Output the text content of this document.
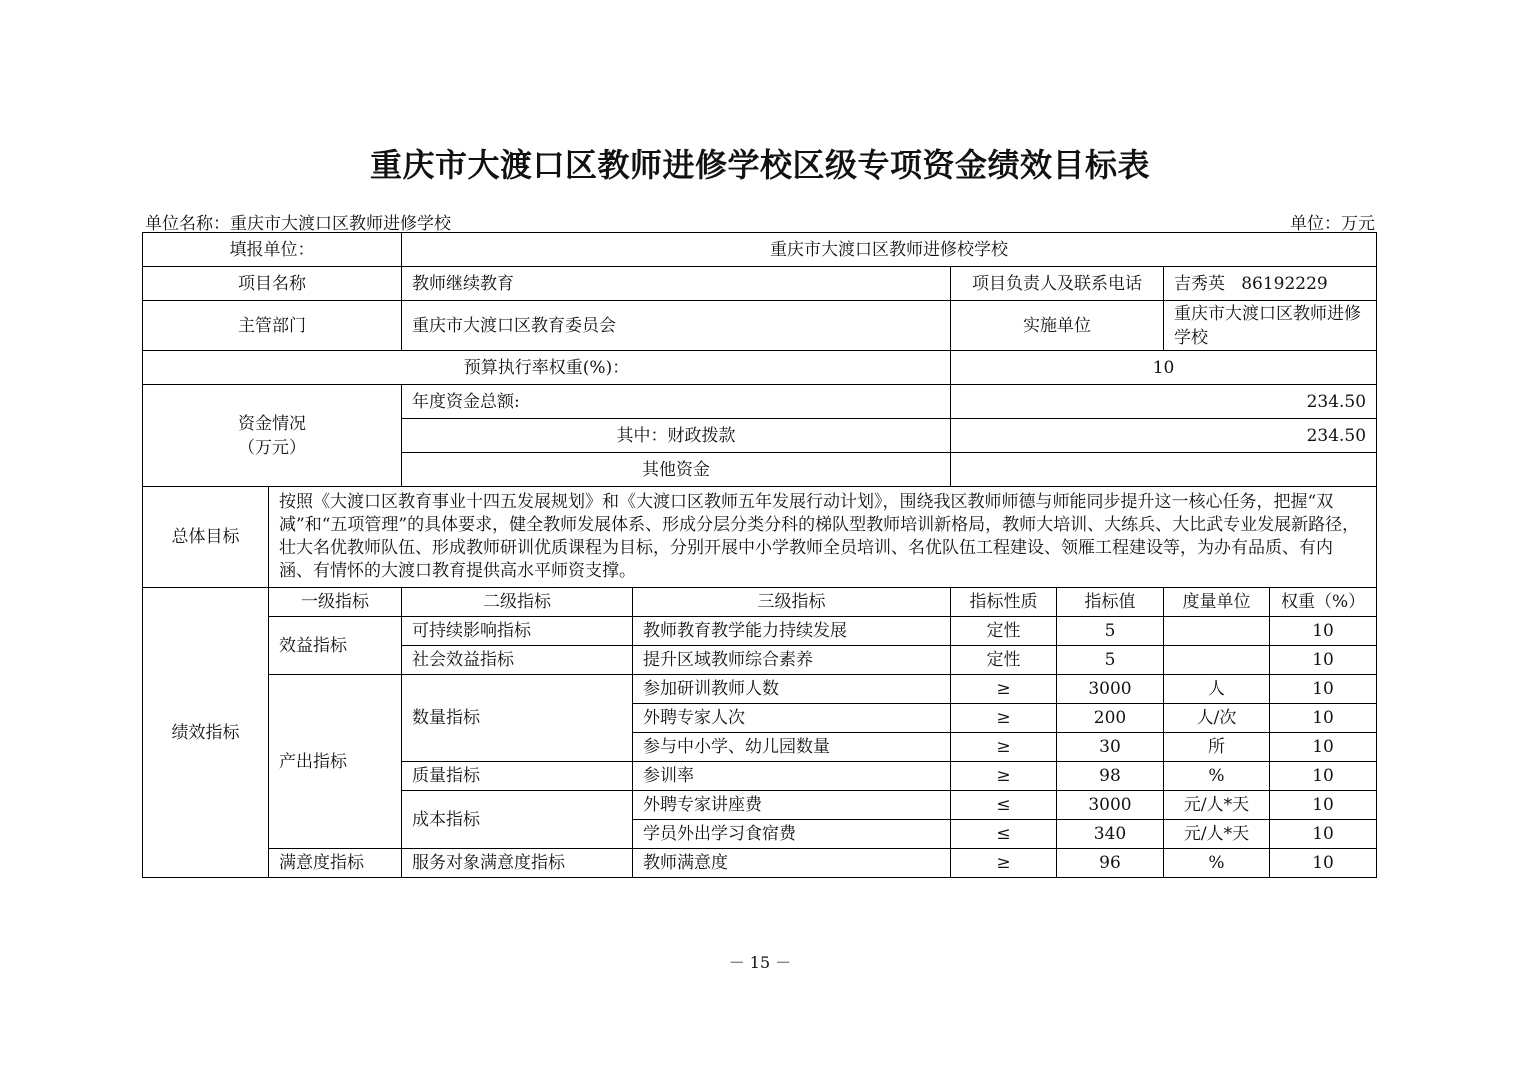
重庆市大渡口区教师进修学校区级专项资金绩效目标表
单位名称：重庆市大渡口区教师进修学校	单位：万元
填报单位：		重庆市大渡口区教师进修校学校					
项目名称		教师继续教育		项目负责人及联系电话		吉秀英   86192229	
主管部门		重庆市大渡口区教育委员会		实施单位		重庆市大渡口区教师进修学校	
预算执行率权重(%)：				10			

资金情况
（万元）		年度资金总额:		234.50			
		其中：财政拨款		234.50			
		其他资金					
总体目标	按照《大渡口区教育事业十四五发展规划》和《大渡口区教师五年发展行动计划》，围绕我区教师师德与师能同步提升这一核心任务，把握“双减”和“五项管理”的具体要求，健全教师发展体系、形成分层分类分科的梯队型教师培训新格局，教师大培训、大练兵、大比武专业发展新路径，壮大名优教师队伍、形成教师研训优质课程为目标，分别开展中小学教师全员培训、名优队伍工程建设、领雁工程建设等，为办有品质、有内涵、有情怀的大渡口教育提供高水平师资支撑。						
绩效指标	一级指标	二级指标	三级指标	指标性质	指标值	度量单位	权重（%）
	效益指标	可持续影响指标	教师教育教学能力持续发展	定性	5		10
		社会效益指标	提升区域教师综合素养	定性	5		10
	产出指标	数量指标	参加研训教师人数	≥	3000	人	10
			外聘专家人次	≥	200	人/次	10
			参与中小学、幼儿园数量	≥	30	所	10
		质量指标	参训率	≥	98	%	10
		成本指标	外聘专家讲座费	≤	3000	元/人*天	10
			学员外出学习食宿费	≤	340	元/人*天	10
	满意度指标	服务对象满意度指标	教师满意度	≥	96	%	10
－ 15 －
